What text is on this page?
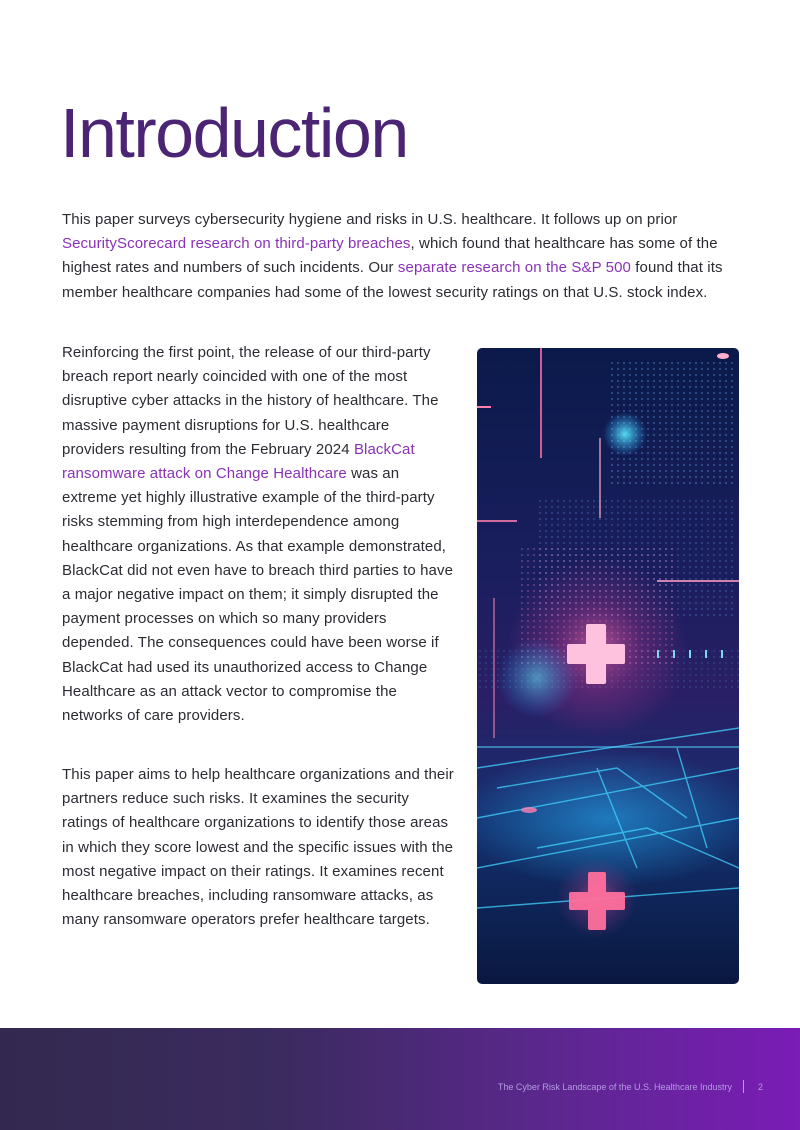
Introduction

This paper surveys cybersecurity hygiene and risks in U.S. healthcare. It follows up on prior SecurityScorecard research on third-party breaches, which found that healthcare has some of the highest rates and numbers of such incidents. Our separate research on the S&P 500 found that its member healthcare companies had some of the lowest security ratings on that U.S. stock index.

Reinforcing the first point, the release of our third-party breach report nearly coincided with one of the most disruptive cyber attacks in the history of healthcare. The massive payment disruptions for U.S. healthcare providers resulting from the February 2024 BlackCat ransomware attack on Change Healthcare was an extreme yet highly illustrative example of the third-party risks stemming from high interdependence among healthcare organizations. As that example demonstrated, BlackCat did not even have to breach third parties to have a major negative impact on them; it simply disrupted the payment processes on which so many providers depended. The consequences could have been worse if BlackCat had used its unauthorized access to Change Healthcare as an attack vector to compromise the networks of care providers.

This paper aims to help healthcare organizations and their partners reduce such risks. It examines the security ratings of healthcare organizations to identify those areas in which they score lowest and the specific issues with the most negative impact on their ratings. It examines recent healthcare breaches, including ransomware attacks, as many ransomware operators prefer healthcare targets.

The Cyber Risk Landscape of the U.S. Healthcare Industry	2
